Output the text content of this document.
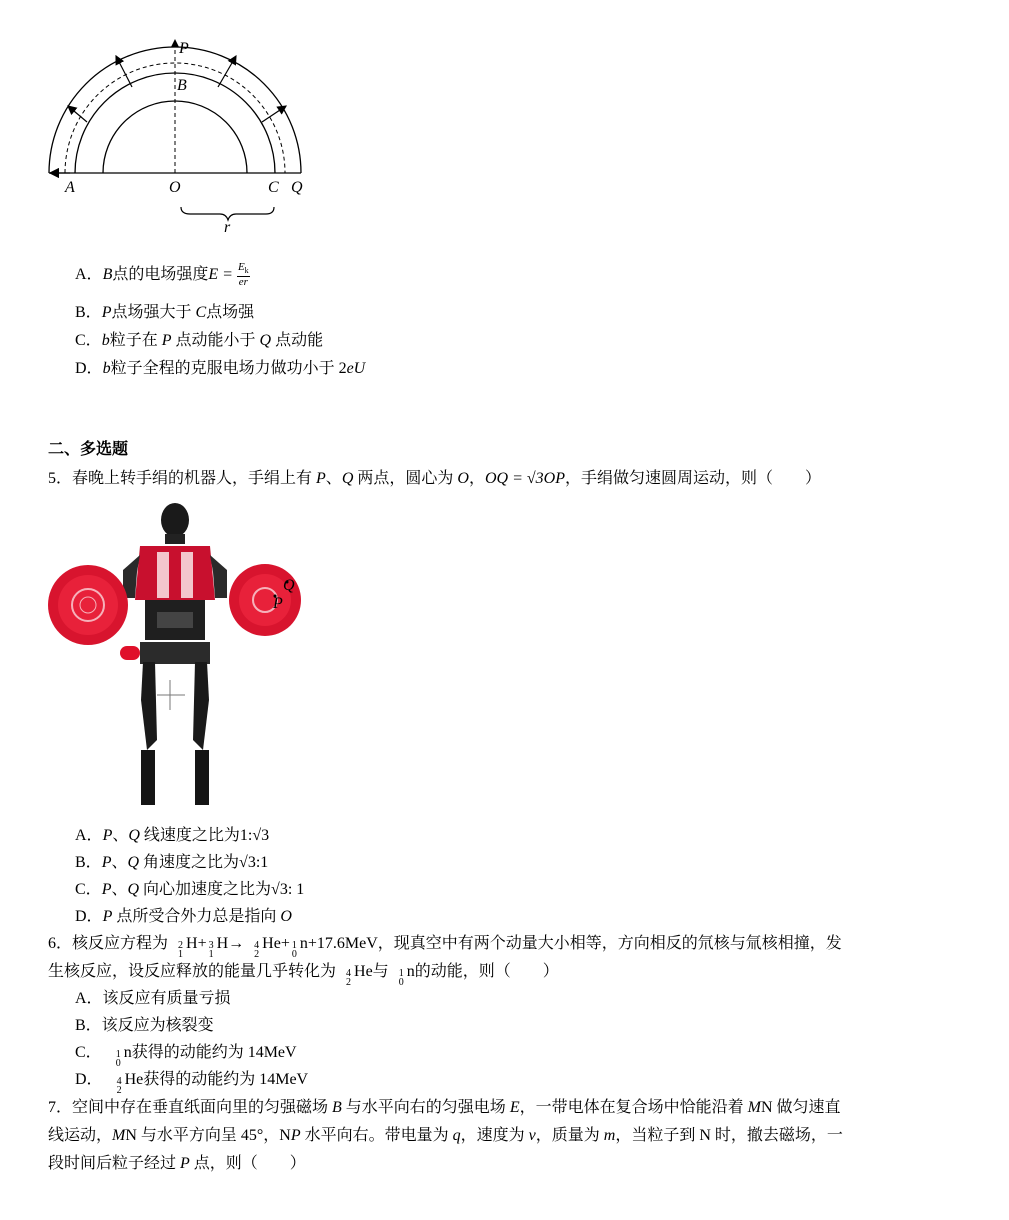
P
B
A	O	C Q
r
A．B点的电场强度$E = \frac{E_k}{er}$
B．P点场强大于 C点场强
C．b粒子在 P 点动能小于 Q 点动能
D．b粒子全程的克服电场力做功小于 2eU
二、多选题
5．春晚上转手绢的机器人，手绢上有 P、Q 两点，圆心为 O，OQ = √3OP，手绢做匀速圆周运动，则（　　）
Q
P
A．P、Q 线速度之比为1:√3
B．P、Q 角速度之比为√3:1
C．P、Q 向心加速度之比为√3: 1
D．P 点所受合外力总是指向 O
6．核反应方程为 2
1
H+ 3
1
H→ 4
2
He+ 1
0
n+17.6MeV，现真空中有两个动量大小相等，方向相反的氘核与氚核相撞，发
生核反应，设反应释放的能量几乎转化为 4
2
He与 1
0
n的动能，则（　　）
A．该反应有质量亏损
B．该反应为核裂变
C． 1
0
n获得的动能约为 14MeV
D． 4
2
He获得的动能约为 14MeV
7．空间中存在垂直纸面向里的匀强磁场 B 与水平向右的匀强电场 E，一带电体在复合场中恰能沿着 MN 做匀速直
线运动，MN 与水平方向呈 45°，NP 水平向右。带电量为 q，速度为 v，质量为 m，当粒子到 N 时，撤去磁场，一
段时间后粒子经过 P 点，则（　　）
